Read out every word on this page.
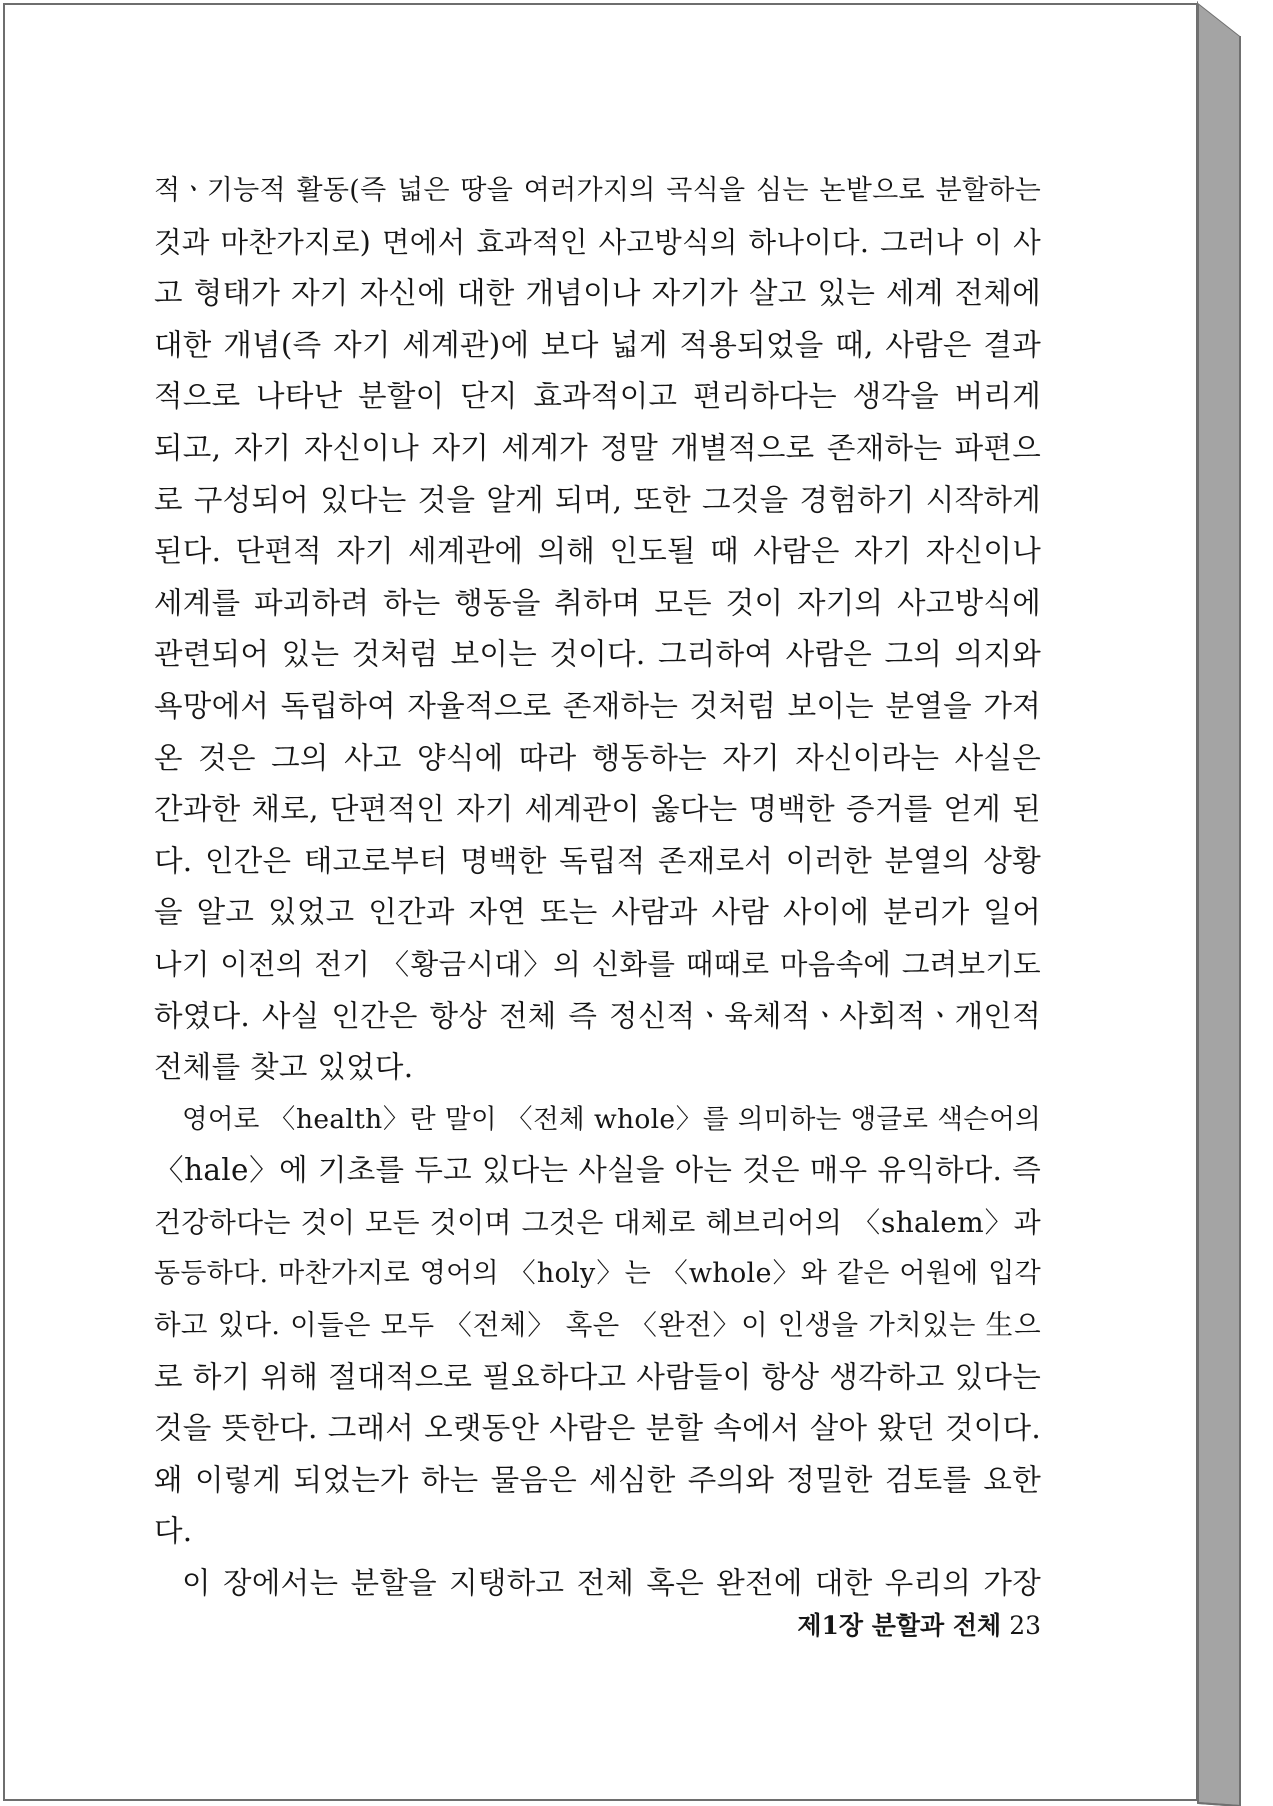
적ㆍ기능적 활동(즉 넓은 땅을 여러가지의 곡식을 심는 논밭으로 분할하는
것과 마찬가지로) 면에서 효과적인 사고방식의 하나이다. 그러나 이 사
고 형태가 자기 자신에 대한 개념이나 자기가 살고 있는 세계 전체에
대한 개념(즉 자기 세계관)에 보다 넓게 적용되었을 때, 사람은 결과
적으로 나타난 분할이 단지 효과적이고 편리하다는 생각을 버리게
되고, 자기 자신이나 자기 세계가 정말 개별적으로 존재하는 파편으
로 구성되어 있다는 것을 알게 되며, 또한 그것을 경험하기 시작하게
된다. 단편적 자기 세계관에 의해 인도될 때 사람은 자기 자신이나
세계를 파괴하려 하는 행동을 취하며 모든 것이 자기의 사고방식에
관련되어 있는 것처럼 보이는 것이다. 그리하여 사람은 그의 의지와
욕망에서 독립하여 자율적으로 존재하는 것처럼 보이는 분열을 가져
온 것은 그의 사고 양식에 따라 행동하는 자기 자신이라는 사실은
간과한 채로, 단편적인 자기 세계관이 옳다는 명백한 증거를 얻게 된
다. 인간은 태고로부터 명백한 독립적 존재로서 이러한 분열의 상황
을 알고 있었고 인간과 자연 또는 사람과 사람 사이에 분리가 일어
나기 이전의 전기 〈황금시대〉의 신화를 때때로 마음속에 그려보기도
하였다. 사실 인간은 항상 전체 즉 정신적ㆍ육체적ㆍ사회적ㆍ개인적
전체를 찾고 있었다.
영어로 〈health〉란 말이 〈전체 whole〉를 의미하는 앵글로 색슨어의
〈hale〉에 기초를 두고 있다는 사실을 아는 것은 매우 유익하다. 즉
건강하다는 것이 모든 것이며 그것은 대체로 헤브리어의 〈shalem〉과
동등하다. 마찬가지로 영어의 〈holy〉는 〈whole〉와 같은 어원에 입각
하고 있다. 이들은 모두 〈전체〉 혹은 〈완전〉이 인생을 가치있는 生으
로 하기 위해 절대적으로 필요하다고 사람들이 항상 생각하고 있다는
것을 뜻한다. 그래서 오랫동안 사람은 분할 속에서 살아 왔던 것이다.
왜 이렇게 되었는가 하는 물음은 세심한 주의와 정밀한 검토를 요한
다.
이 장에서는 분할을 지탱하고 전체 혹은 완전에 대한 우리의 가장
제1장 분할과 전체 23
